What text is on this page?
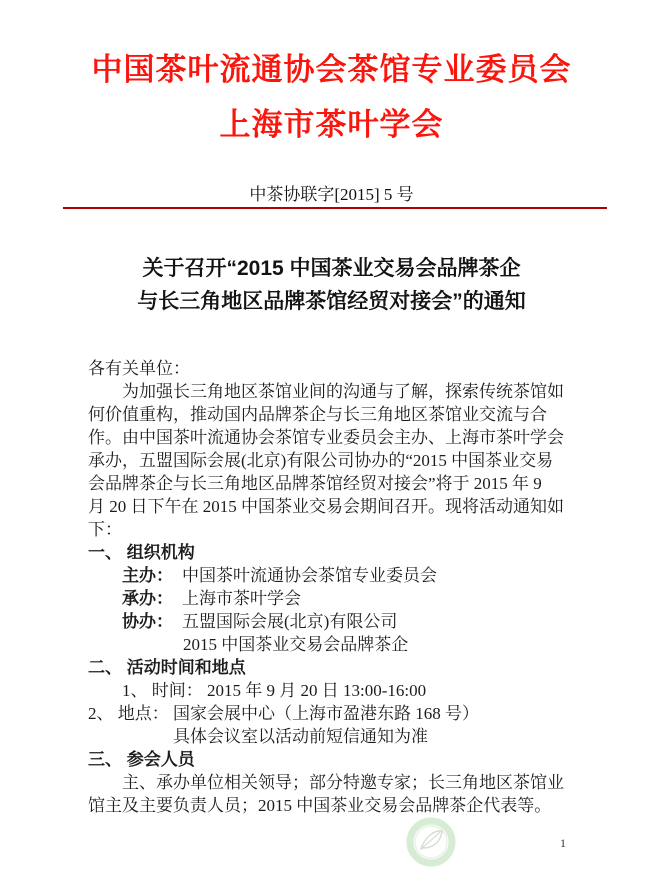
中国茶叶流通协会茶馆专业委员会
上海市茶叶学会
中茶协联字[2015] 5 号
关于召开“2015 中国茶业交易会品牌茶企
与长三角地区品牌茶馆经贸对接会”的通知
各有关单位：
为加强长三角地区茶馆业间的沟通与了解，探索传统茶馆如
何价值重构，推动国内品牌茶企与长三角地区茶馆业交流与合
作。由中国茶叶流通协会茶馆专业委员会主办、上海市茶叶学会
承办，五盟国际会展(北京)有限公司协办的“2015 中国茶业交易
会品牌茶企与长三角地区品牌茶馆经贸对接会”将于 2015 年 9
月 20 日下午在 2015 中国茶业交易会期间召开。现将活动通知如
下：
一、 组织机构
主办： 中国茶叶流通协会茶馆专业委员会
承办： 上海市茶叶学会
协办： 五盟国际会展(北京)有限公司
2015 中国茶业交易会品牌茶企
二、 活动时间和地点
1、 时间： 2015 年 9 月 20 日 13:00-16:00
2、 地点： 国家会展中心（上海市盈港东路 168 号）
具体会议室以活动前短信通知为准
三、 参会人员
主、承办单位相关领导；部分特邀专家；长三角地区茶馆业
馆主及主要负责人员；2015 中国茶业交易会品牌茶企代表等。
1
